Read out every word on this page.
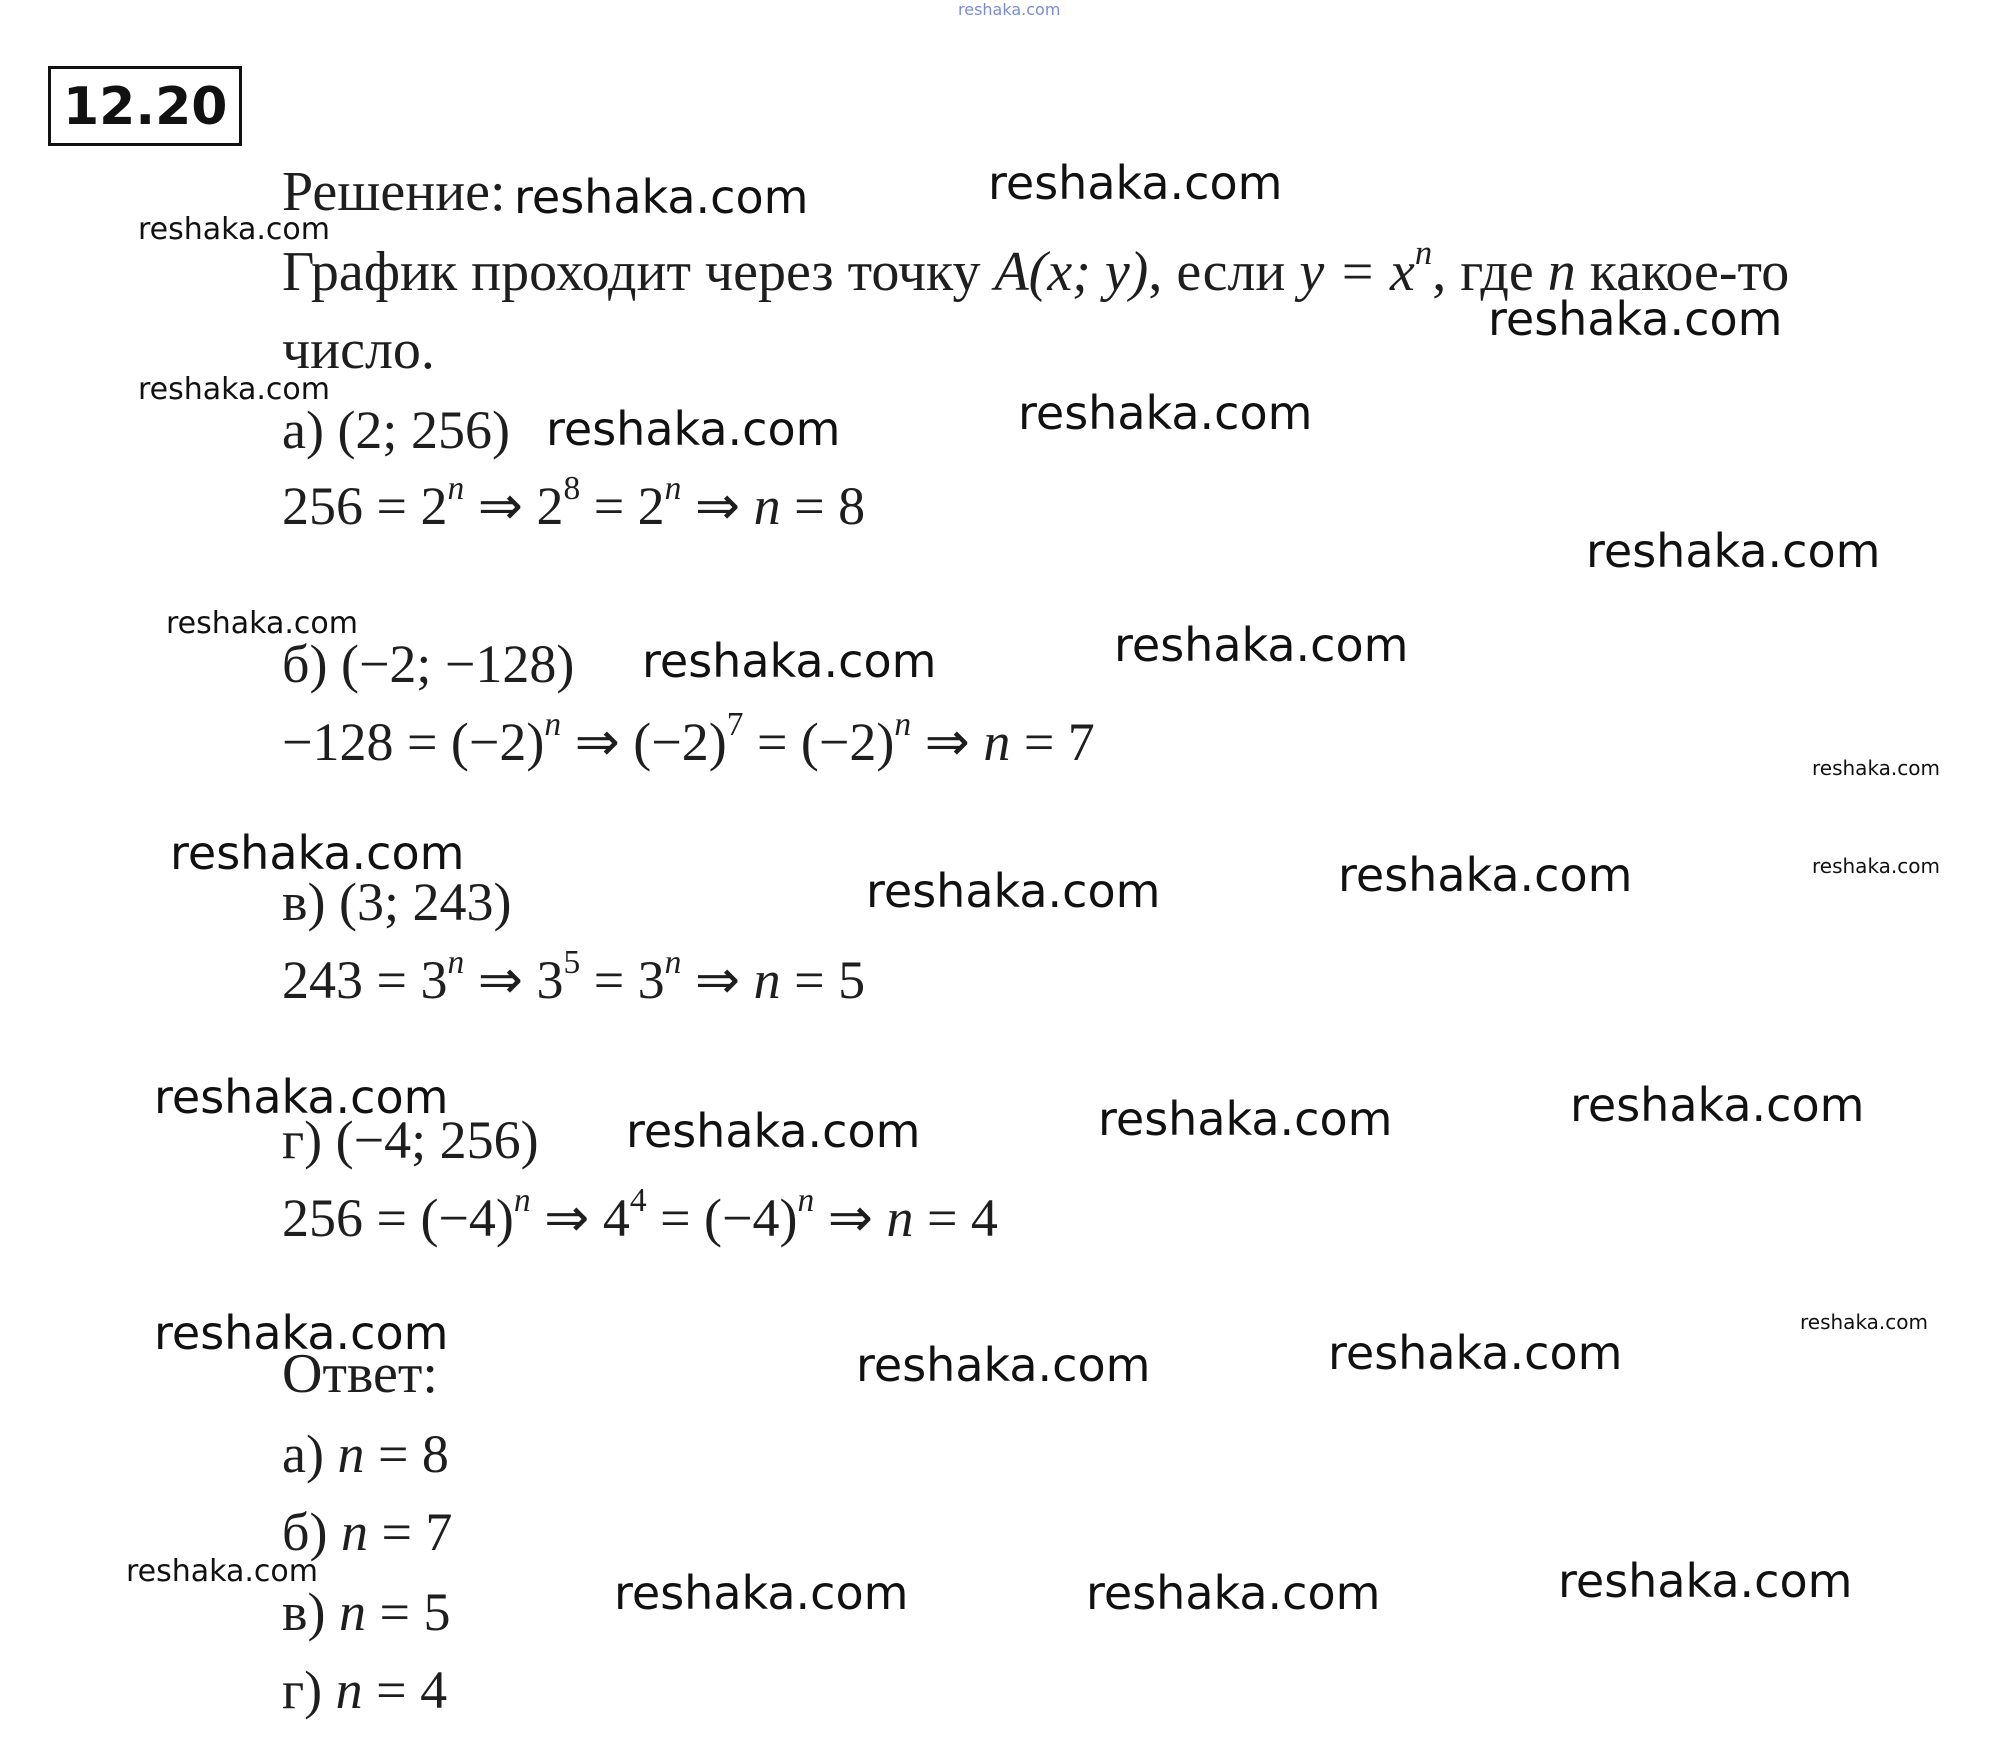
reshaka.com
12.20
Решение:
График проходит через точку A(x; y), если $y = x^n$, где n какое-то
число.
а) (2; 256)
$256 = 2^n$ ⇒ $2^8 = 2^n$ ⇒ n = 8
б) (−2; −128)
$-128 = (-2)^n$ ⇒ $(-2)^7 = (-2)^n$ ⇒ n = 7
в) (3; 243)
$243 = 3^n$ ⇒ $3^5 = 3^n$ ⇒ n = 5
г) (−4; 256)
$256 = (-4)^n$ ⇒ $4^4 = (-4)^n$ ⇒ n = 4
Ответ:
а) n = 8
б) n = 7
в) n = 5
г) n = 4
reshaka.com	reshaka.com
reshaka.com
reshaka.com
reshaka.com
reshaka.com	reshaka.com
reshaka.com
reshaka.com
reshaka.com	reshaka.com
reshaka.com
reshaka.com
reshaka.com	reshaka.com	reshaka.com
reshaka.com
reshaka.com	reshaka.com	reshaka.com
reshaka.com
reshaka.com	reshaka.com
reshaka.com
reshaka.com	reshaka.com	reshaka.com	reshaka.com
